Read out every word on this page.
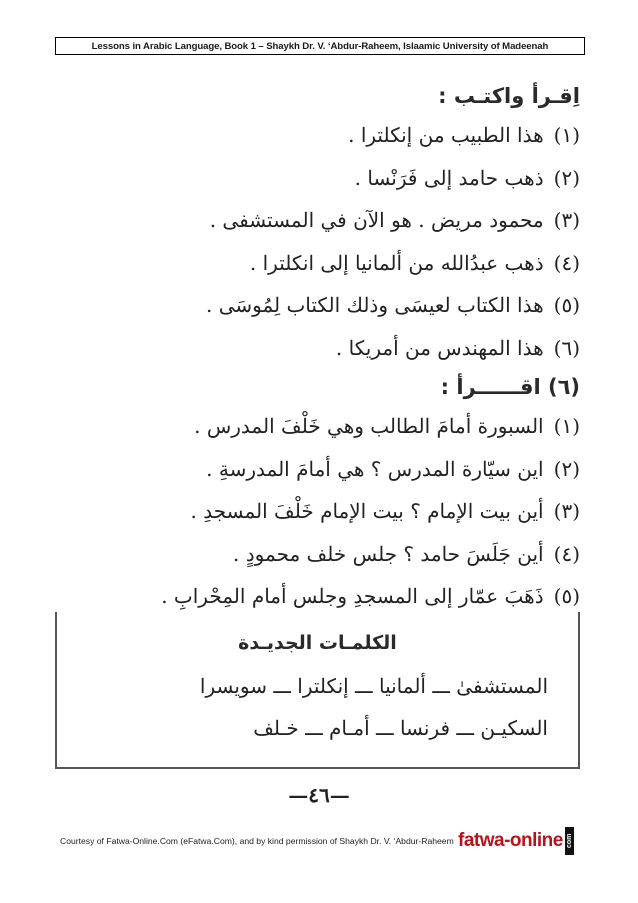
Lessons in Arabic Language, Book 1 – Shaykh Dr. V. ‘Abdur-Raheem, Islaamic University of Madeenah
اِقـرأ واكتـب :
(١)هذا الطبيب من إنكلترا .
(٢)ذهب حامد إلى فَرَنْسا .
(٣)محمود مريض . هو الآن في المستشفى .
(٤)ذهب عبدُالله من ألمانيا إلى انكلترا .
(٥)هذا الكتاب لعيسَى وذلك الكتاب لِمُوسَى .
(٦)هذا المهندس من أمريكا .
(٦) اقــــــرأ :
(١)السبورة أمامَ الطالب وهي خَلْفَ المدرس .
(٢)اين سيّارة المدرس ؟ هي أمامَ المدرسةِ .
(٣)أين بيت الإمام ؟ بيت الإمام خَلْفَ المسجدِ .
(٤)أين جَلَسَ حامد ؟ جلس خلف محمودٍ .
(٥)ذَهَبَ عمّار إلى المسجدِ وجلس أمام المِحْرابِ .
الكلمـات الجديـدة
المستشفىٰ ـــ ألمانيا ـــ إنكلترا ـــ سويسرا
السكيـن ـــ فرنسا ـــ أمـام ـــ خـلف
—٤٦—
Courtesy of Fatwa-Online.Com (eFatwa.Com), and by kind permission of Shaykh Dr. V. ‘Abdur-Raheem fatwa-online com
